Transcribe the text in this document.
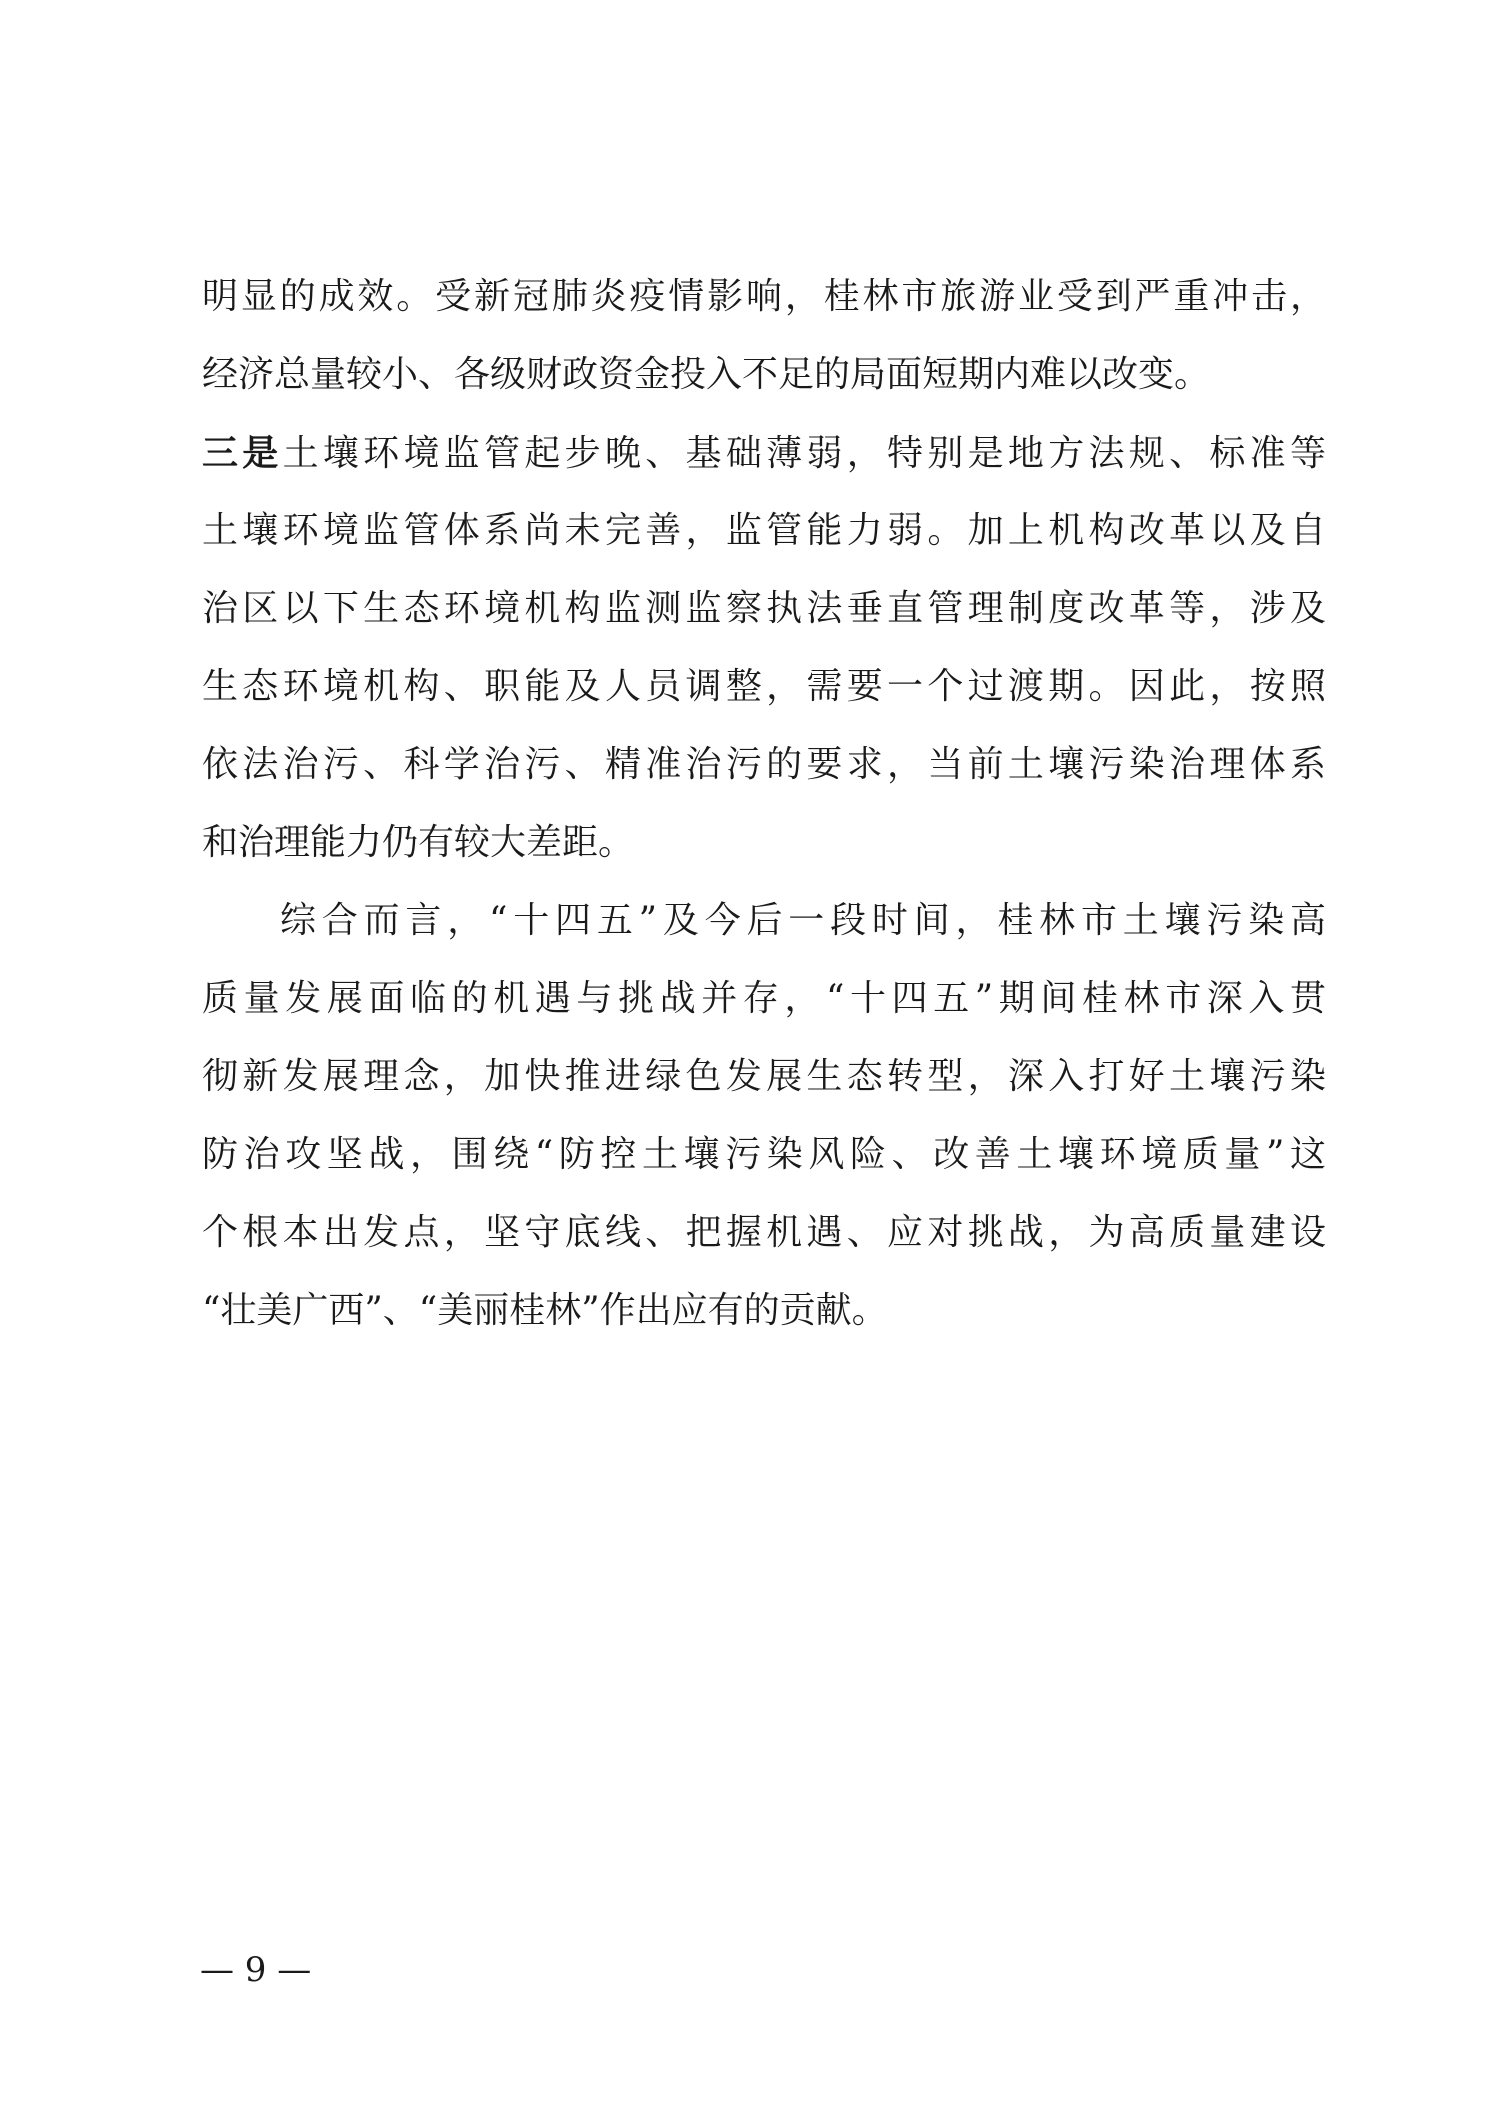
明显的成效。受新冠肺炎疫情影响，桂林市旅游业受到严重冲击，
经济总量较小、各级财政资金投入不足的局面短期内难以改变。
三是土壤环境监管起步晚、基础薄弱，特别是地方法规、标准等
土壤环境监管体系尚未完善，监管能力弱。加上机构改革以及自
治区以下生态环境机构监测监察执法垂直管理制度改革等，涉及
生态环境机构、职能及人员调整，需要一个过渡期。因此，按照
依法治污、科学治污、精准治污的要求，当前土壤污染治理体系
和治理能力仍有较大差距。
综合而言，“十四五”及今后一段时间，桂林市土壤污染高
质量发展面临的机遇与挑战并存，“十四五”期间桂林市深入贯
彻新发展理念，加快推进绿色发展生态转型，深入打好土壤污染
防治攻坚战，围绕“防控土壤污染风险、改善土壤环境质量”这
个根本出发点，坚守底线、把握机遇、应对挑战，为高质量建设
“壮美广西”、“美丽桂林”作出应有的贡献。
— 9 —
